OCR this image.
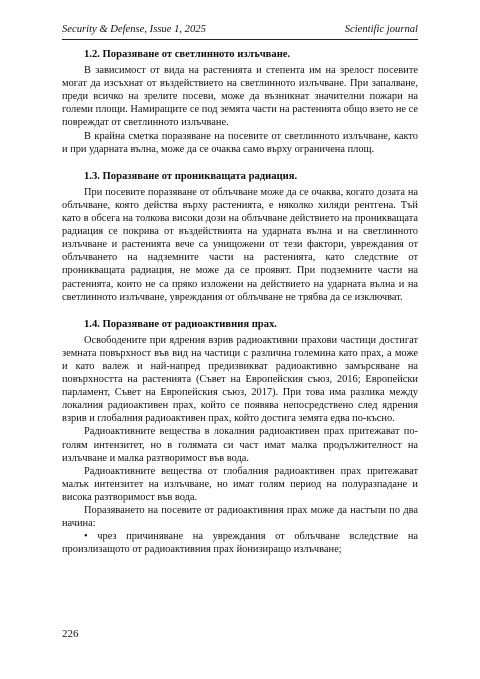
Security & Defense, Issue 1, 2025	Scientific journal
1.2. Поразяване от светлинното излъчване.

В зависимост от вида на растенията и степента им на зрелост посевите могат да изсъхнат от въздействието на светлинното излъчване. При запалване, преди всичко на зрелите посеви, може да възникнат значителни пожари на големи площи. Намиращите се под земята части на растенията общо взето не се повреждат от светлинното излъчване.

В крайна сметка поразяване на посевите от светлинното излъчване, както и при ударната вълна, може да се очаква само върху ограничена площ.

1.3. Поразяване от проникващата радиация.

При посевите поразяване от облъчване може да се очаква, когато дозата на облъчване, която действа върху растенията, е няколко хиляди рентгена. Тъй като в обсега на толкова високи дози на облъчване действието на проникващата радиация се покрива от въздействията на ударната вълна и на светлинното излъчване и растенията вече са унищожени от тези фактори, увреждания от облъчването на надземните части на растенията, като следствие от проникващата радиация, не може да се проявят. При подземните части на растенията, които не са пряко изложени на действието на ударната вълна и на светлинното излъчване, увреждания от облъчване не трябва да се изключват.

1.4. Поразяване от радиоактивния прах.

Освободените при ядрения взрив радиоактивни прахови частици достигат земната повърхност във вид на частици с различна големина като прах, а може и като валеж и най-напред предизвикват радиоактивно замърсяване на повърхността на растенията (Съвет на Европейския съюз, 2016; Европейски парламент, Съвет на Европейския съюз, 2017). При това има разлика между локалния радиоактивен прах, който се появява непосредствено след ядрения взрив и глобалния радиоактивен прах, който достига земята едва по-късно.

Радиоактивните вещества в локалния радиоактивен прах притежават по-голям интензитет, но в голямата си част имат малка продължителност на излъчване и малка разтворимост във вода.

Радиоактивните вещества от глобалния радиоактивен прах притежават малък интензитет на излъчване, но имат голям период на полуразпадане и висока разтворимост във вода.

Поразяването на посевите от радиоактивния прах може да настъпи по два начина:

• чрез причиняване на увреждания от облъчване вследствие на произлизащото от радиоактивния прах йонизиращо излъчване;

226
